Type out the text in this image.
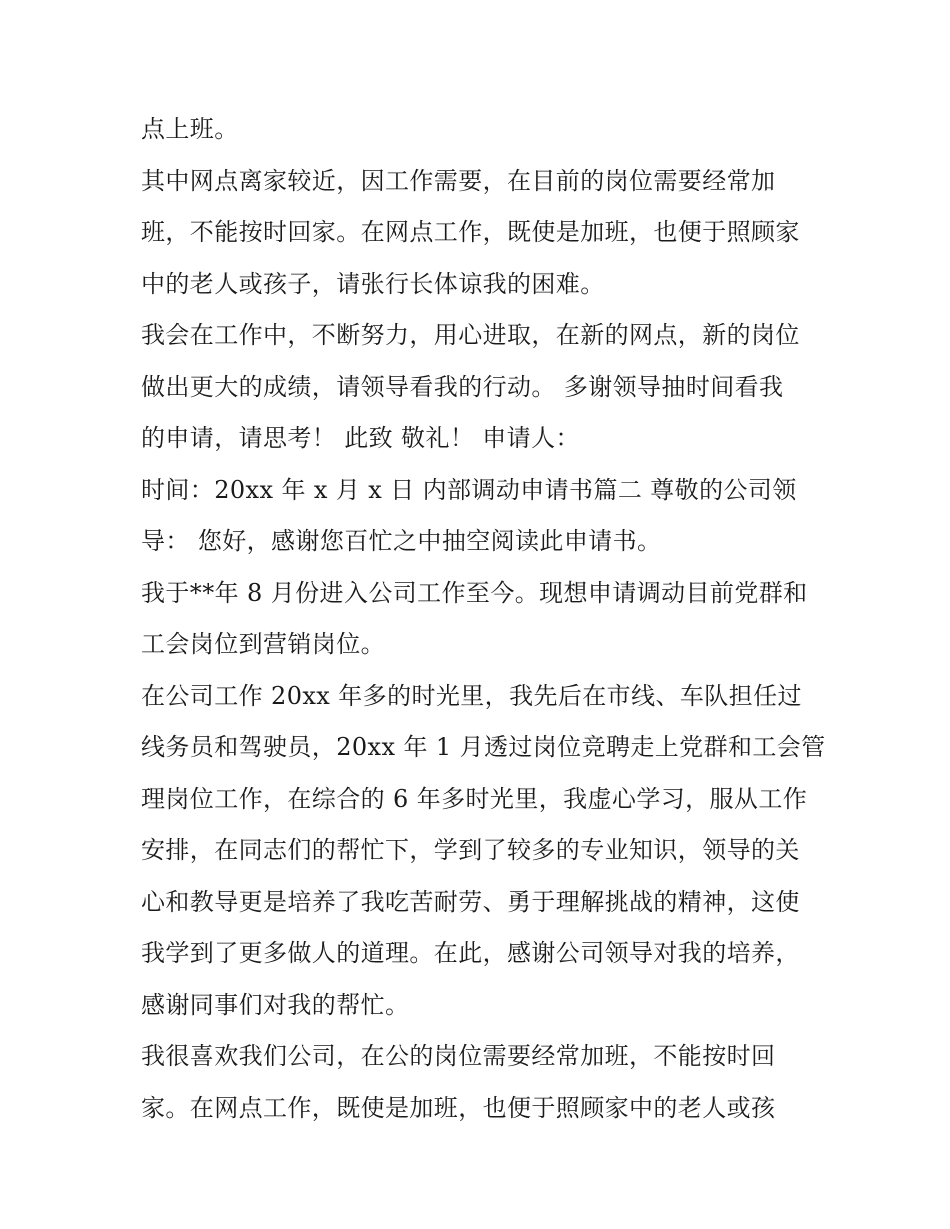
点上班。
其中网点离家较近，因工作需要，在目前的岗位需要经常加
班，不能按时回家。在网点工作，既使是加班，也便于照顾家
中的老人或孩子，请张行长体谅我的困难。
我会在工作中，不断努力，用心进取，在新的网点，新的岗位
做出更大的成绩，请领导看我的行动。 多谢领导抽时间看我
的申请，请思考！ 此致 敬礼！ 申请人：
时间：20xx 年 x 月 x 日 内部调动申请书篇二 尊敬的公司领
导： 您好，感谢您百忙之中抽空阅读此申请书。
我于**年 8 月份进入公司工作至今。现想申请调动目前党群和
工会岗位到营销岗位。
在公司工作 20xx 年多的时光里，我先后在市线、车队担任过
线务员和驾驶员，20xx 年 1 月透过岗位竞聘走上党群和工会管
理岗位工作，在综合的 6 年多时光里，我虚心学习，服从工作
安排，在同志们的帮忙下，学到了较多的专业知识，领导的关
心和教导更是培养了我吃苦耐劳、勇于理解挑战的精神，这使
我学到了更多做人的道理。在此，感谢公司领导对我的培养，
感谢同事们对我的帮忙。
我很喜欢我们公司，在公的岗位需要经常加班，不能按时回
家。在网点工作，既使是加班，也便于照顾家中的老人或孩
